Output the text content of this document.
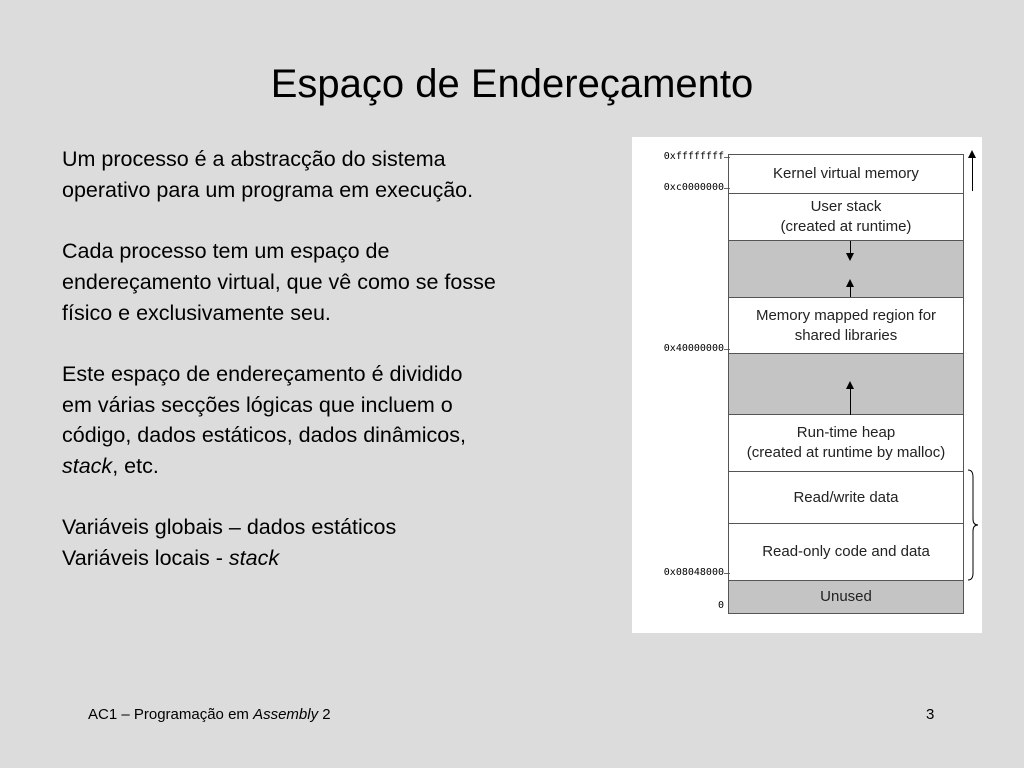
Espaço de Endereçamento

Um processo é a abstracção do sistema
operativo para um programa em execução.

Cada processo tem um espaço de
endereçamento virtual, que vê como se fosse
físico e exclusivamente seu.

Este espaço de endereçamento é dividido
em várias secções lógicas que incluem o
código, dados estáticos, dados dinâmicos,
stack, etc.

Variáveis globais – dados estáticos
Variáveis locais - stack

0xffffffff
0xc0000000
0x40000000
0x08048000
0
Kernel virtual memory
User stack
(created at runtime)
Memory mapped region for
shared libraries
Run-time heap
(created at runtime by malloc)
Read/write data
Read-only code and data
Unused
AC1 – Programação em Assembly 2	3
